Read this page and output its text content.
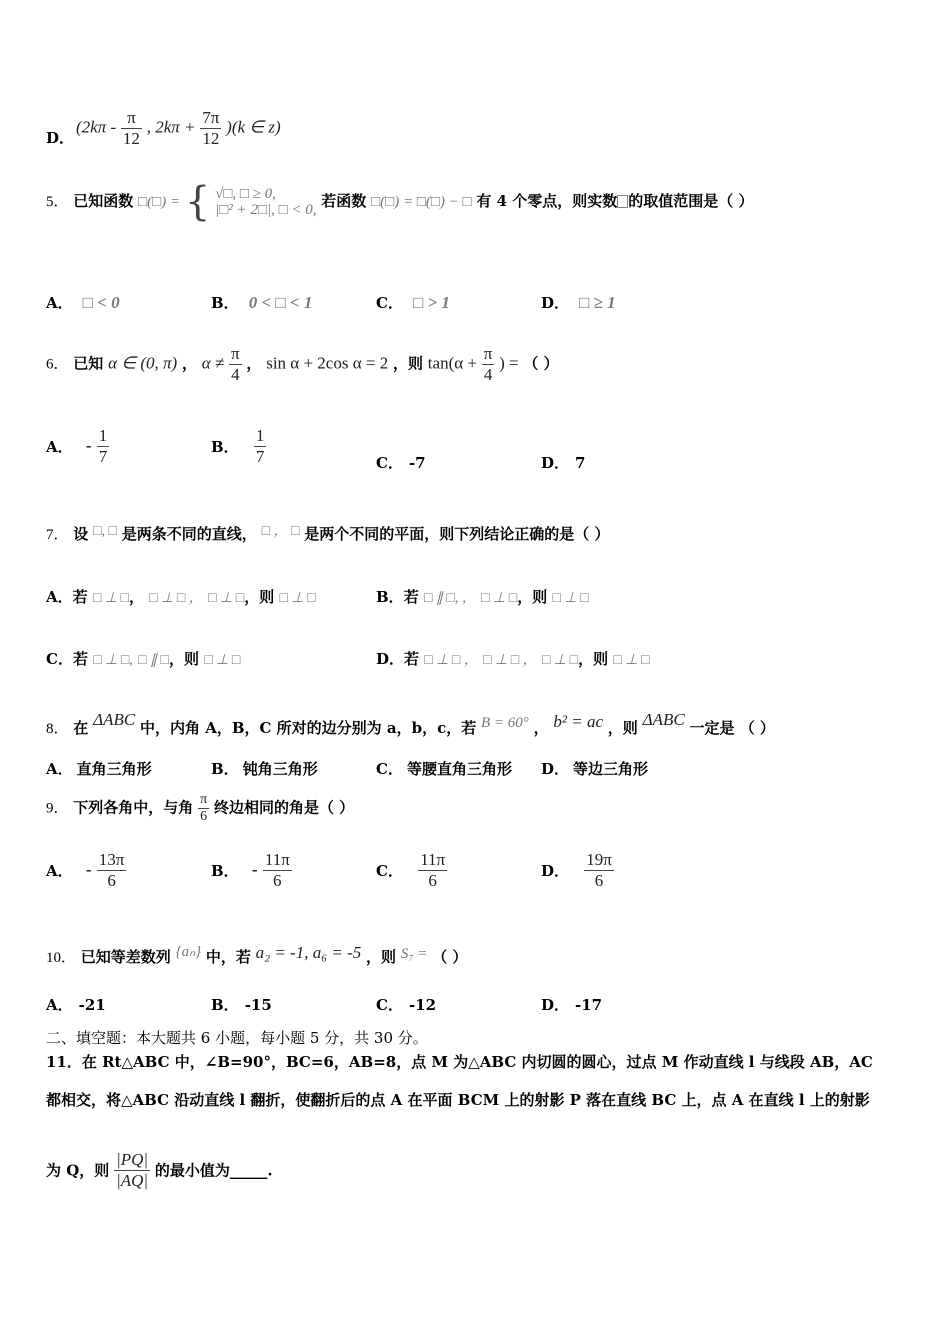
D．
($2k\pi - \frac{\pi}{12}$ , $2k\pi + \frac{7\pi}{12} )(k$ ∈ z)
5． 已知函数 □(□) = { √□, □ ≥ 0,
|□² + 2□|, □ < 0, 若函数 □(□) = □(□) − □ 有 4 个零点，则实数 的取值范围是（ ）
A． □ < 0	B． 0 < □ < 1	C． □ > 1	D． □ ≥ 1
6． 已知 α ∈ (0, π) ， $\alpha \ne \frac{\pi}{4}$ ， sin α + 2cos α = 2 ，则 $\tan(\alpha + \frac{\pi}{4}$ ) = （ ）
A． - $\frac{1}{7}$	B． $\frac{1}{7}$	C． -7	D． 7
7． 设 □, □ 是两条不同的直线， □ ， □ 是两个不同的平面，则下列结论正确的是（ ）
A．若 □ ⊥ □， □ ⊥ □ ， □ ⊥ □，则 □ ⊥ □	B．若 □ ∥ □, ， □ ⊥ □，则 □ ⊥ □
C．若 □ ⊥ □, □ ∥ □，则 □ ⊥ □	D．若 □ ⊥ □ ， □ ⊥ □ ， □ ⊥ □，则 □ ⊥ □
8． 在 ΔABC 中，内角 A，B，C 所对的边分别为 a，b，c，若 B = 60° ， b² = ac ，则 ΔABC 一定是 （ ）
A． 直角三角形	B． 钝角三角形	C． 等腰直角三角形 D． 等边三角形
9． 下列各角中，与角 $\frac{\pi}{6}$ 终边相同的角是（ ）
A． - $\frac{13\pi}{6}$	B． - $\frac{11\pi}{6}$	C． $\frac{11\pi}{6}$	D． $\frac{19\pi}{6}$
10． 已知等差数列 {aₙ} 中，若 a₂ = -1, a₆ = -5 ，则 S₇ = （ ）
A． -21	B． -15	C． -12	D． -17
二、填空题：本大题共 6 小题，每小题 5 分，共 30 分。
11．在 Rt△ABC 中，∠B=90°，BC=6，AB=8，点 M 为△ABC 内切圆的圆心，过点 M 作动直线 l 与线段 AB，AC
都相交，将△ABC 沿动直线 l 翻折，使翻折后的点 A 在平面 BCM 上的射影 P 落在直线 BC 上，点 A 在直线 l 上的射影
为 Q，则 $\frac{|PQ|}{|AQ|}$ 的最小值为_____.
